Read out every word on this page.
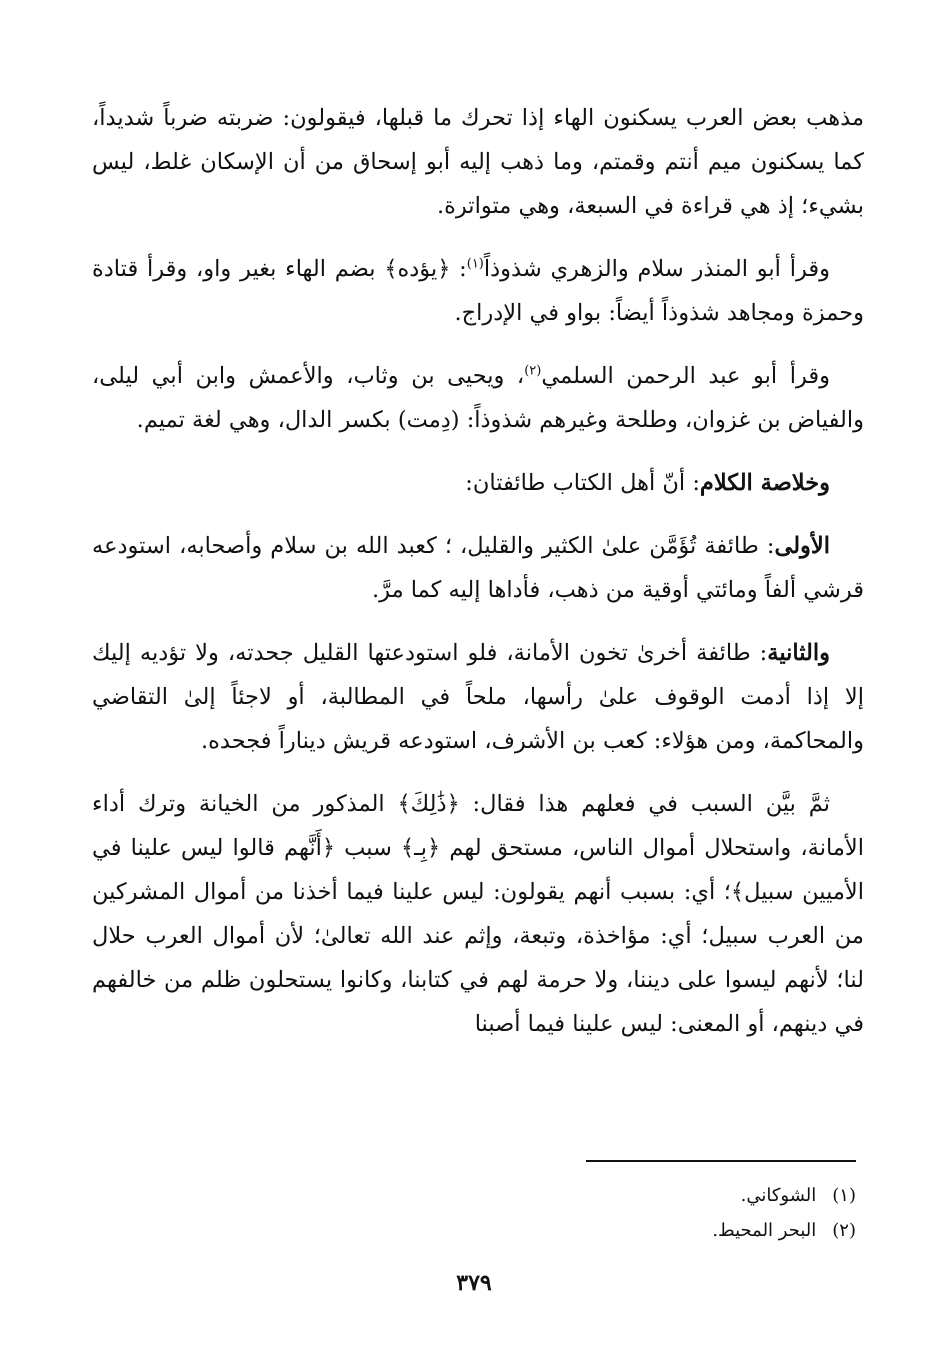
مذهب بعض العرب يسكنون الهاء إذا تحرك ما قبلها، فيقولون: ضربته ضرباً شديداً، كما يسكنون ميم أنتم وقمتم، وما ذهب إليه أبو إسحاق من أن الإسكان غلط، ليس بشيء؛ إذ هي قراءة في السبعة، وهي متواترة.

وقرأ أبو المنذر سلام والزهري شذوذاً$^{(١)}$: ﴿يؤده﴾ بضم الهاء بغير واو، وقرأ قتادة وحمزة ومجاهد شذوذاً أيضاً: بواو في الإدراج.

وقرأ أبو عبد الرحمن السلمي$^{(٢)}$، ويحيى بن وثاب، والأعمش وابن أبي ليلى، والفياض بن غزوان، وطلحة وغيرهم شذوذاً: (دِمت) بكسر الدال، وهي لغة تميم.

وخلاصة الكلام: أنّ أهل الكتاب طائفتان:

الأولى: طائفة تُؤَمَّن علىٰ الكثير والقليل، ؛ كعبد الله بن سلام وأصحابه، استودعه قرشي ألفاً ومائتي أوقية من ذهب، فأداها إليه كما مرَّ.

والثانية: طائفة أخرىٰ تخون الأمانة، فلو استودعتها القليل جحدته، ولا تؤديه إليك إلا إذا أدمت الوقوف علىٰ رأسها، ملحاً في المطالبة، أو لاجئاً إلىٰ التقاضي والمحاكمة، ومن هؤلاء: كعب بن الأشرف، استودعه قريش ديناراً فجحده.

ثمَّ بيَّن السبب في فعلهم هذا فقال: ﴿ذَٰلِكَ﴾ المذكور من الخيانة وترك أداء الأمانة، واستحلال أموال الناس، مستحق لهم ﴿بِـ﴾ سبب ﴿أَنَّهم قالوا ليس علينا في الأميين سبيل﴾؛ أي: بسبب أنهم يقولون: ليس علينا فيما أخذنا من أموال المشركين من العرب سبيل؛ أي: مؤاخذة، وتبعة، وإثم عند الله تعالىٰ؛ لأن أموال العرب حلال لنا؛ لأنهم ليسوا على ديننا، ولا حرمة لهم في كتابنا، وكانوا يستحلون ظلم من خالفهم في دينهم، أو المعنى: ليس علينا فيما أصبنا

(١) الشوكاني.
(٢) البحر المحيط.
٣٧٩
